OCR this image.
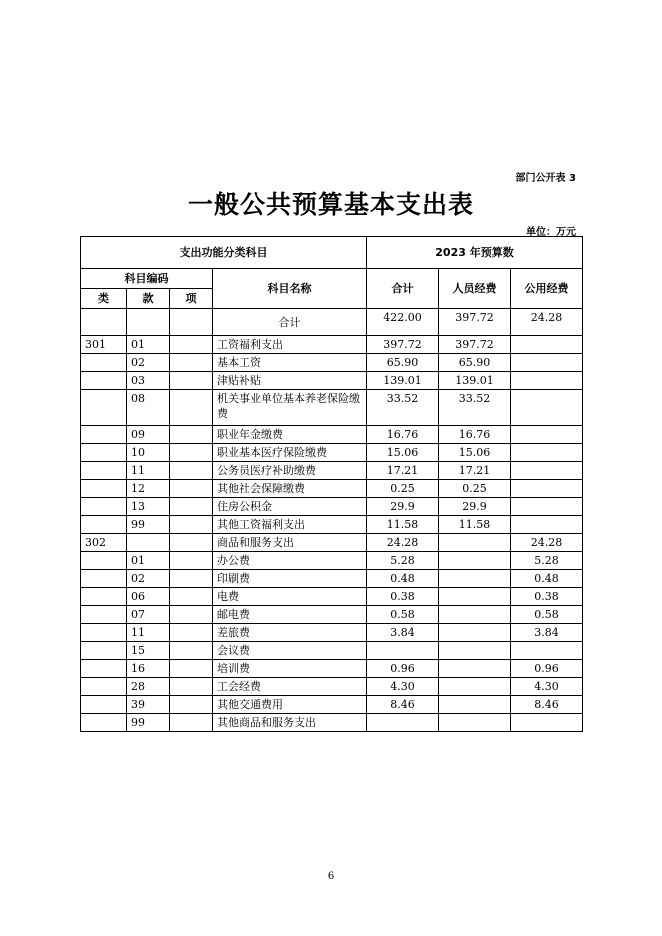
部门公开表 3
一般公共预算基本支出表
单位：万元
支出功能分类科目				2023 年预算数		
科目编码			科目名称	合计	人员经费	公用经费
类	款	项				
			合计	422.00	397.72	24.28
301	01		工资福利支出	397.72	397.72	
	02		基本工资	65.90	65.90	
	03		津贴补贴	139.01	139.01	
	08		机关事业单位基本养老保险缴费	33.52	33.52	
	09		职业年金缴费	16.76	16.76	
	10		职业基本医疗保险缴费	15.06	15.06	
	11		公务员医疗补助缴费	17.21	17.21	
	12		其他社会保障缴费	0.25	0.25	
	13		住房公积金	29.9	29.9	
	99		其他工资福利支出	11.58	11.58	
302			商品和服务支出	24.28		24.28
	01		办公费	5.28		5.28
	02		印刷费	0.48		0.48
	06		电费	0.38		0.38
	07		邮电费	0.58		0.58
	11		差旅费	3.84		3.84
	15		会议费			
	16		培训费	0.96		0.96
	28		工会经费	4.30		4.30
	39		其他交通费用	8.46		8.46
	99		其他商品和服务支出			
6
